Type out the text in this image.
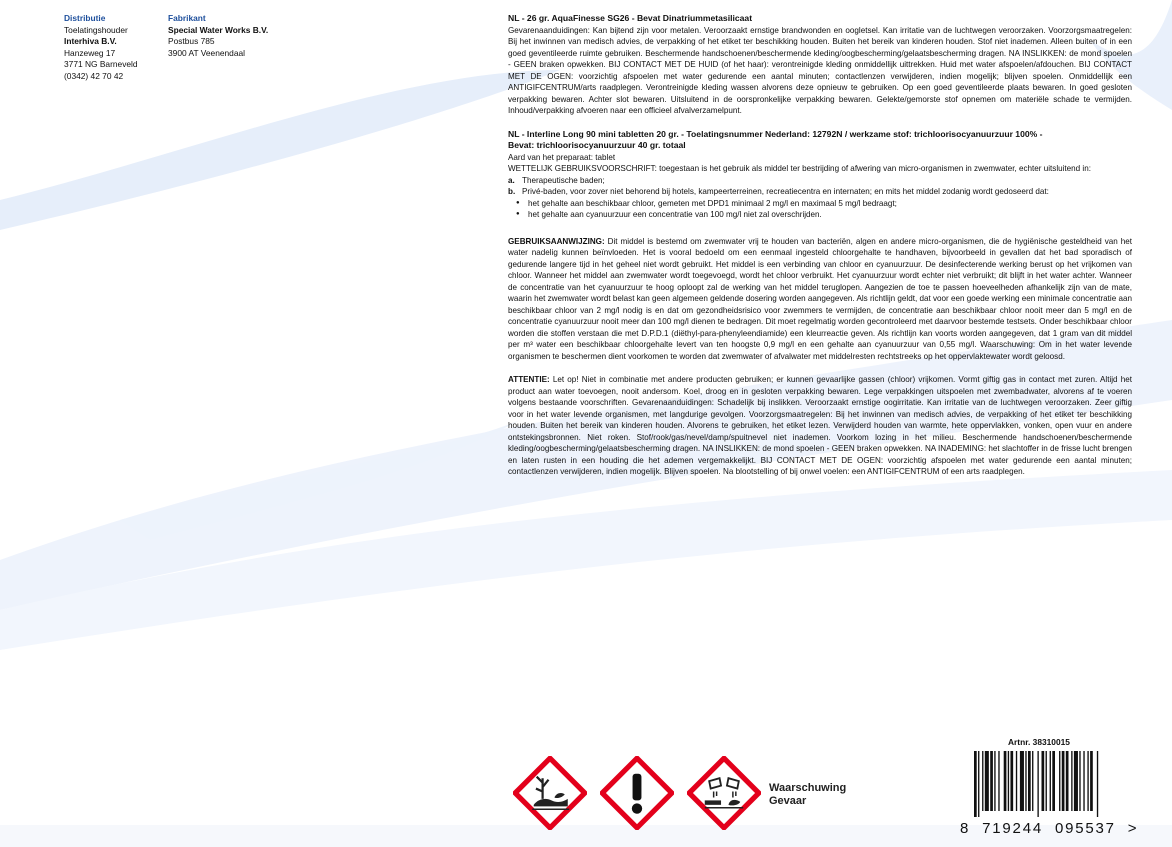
Distributie
Toelatingshouder
Interhiva B.V.
Hanzeweg 17
3771 NG Barneveld
(0342) 42 70 42
Fabrikant
Special Water Works B.V.
Postbus 785
3900 AT Veenendaal

NL - 26 gr. AquaFinesse SG26 - Bevat Dinatriummetasilicaat

Gevarenaanduidingen: Kan bijtend zijn voor metalen. Veroorzaakt ernstige brandwonden en oogletsel. Kan irritatie van de luchtwegen veroorzaken. Voorzorgsmaatregelen: Bij het inwinnen van medisch advies, de verpakking of het etiket ter beschikking houden. Buiten het bereik van kinderen houden. Stof niet inademen. Alleen buiten of in een goed geventileerde ruimte gebruiken. Beschermende handschoenen/beschermende kleding/oogbescherming/gelaatsbescherming dragen. NA INSLIKKEN: de mond spoelen - GEEN braken opwekken. BIJ CONTACT MET DE HUID (of het haar): verontreinigde kleding onmiddellijk uittrekken. Huid met water afspoelen/afdouchen. BIJ CONTACT MET DE OGEN: voorzichtig afspoelen met water gedurende een aantal minuten; contactlenzen verwijderen, indien mogelijk; blijven spoelen. Onmiddellijk een ANTIGIFCENTRUM/arts raadplegen. Verontreinigde kleding wassen alvorens deze opnieuw te gebruiken. Op een goed geventileerde plaats bewaren. In goed gesloten verpakking bewaren. Achter slot bewaren. Uitsluitend in de oorspronkelijke verpakking bewaren. Gelekte/gemorste stof opnemen om materiële schade te vermijden. Inhoud/verpakking afvoeren naar een officieel afvalverzamelpunt.

NL - Interline Long 90 mini tabletten 20 gr. - Toelatingsnummer Nederland: 12792N / werkzame stof: trichloorisocyanuurzuur 100% -

Bevat: trichloorisocyanuurzuur 40 gr. totaal

Aard van het preparaat: tablet

WETTELIJK GEBRUIKSVOORSCHRIFT: toegestaan is het gebruik als middel ter bestrijding of afwering van micro-organismen in zwemwater, echter uitsluitend in:

a. Therapeutische baden;
b. Privé-baden, voor zover niet behorend bij hotels, kampeerterreinen, recreatiecentra en internaten; en mits het middel zodanig wordt gedoseerd dat:
● het gehalte aan beschikbaar chloor, gemeten met DPD1 minimaal 2 mg/l en maximaal 5 mg/l bedraagt;
● het gehalte aan cyanuurzuur een concentratie van 100 mg/l niet zal overschrijden.

GEBRUIKSAANWIJZING: Dit middel is bestemd om zwemwater vrij te houden van bacteriën, algen en andere micro-organismen, die de hygiënische gesteldheid van het water nadelig kunnen beïnvloeden. Het is vooral bedoeld om een eenmaal ingesteld chloorgehalte te handhaven, bijvoorbeeld in gevallen dat het bad sporadisch of gedurende langere tijd in het geheel niet wordt gebruikt. Het middel is een verbinding van chloor en cyanuurzuur. De desinfecterende werking berust op het vrijkomen van chloor. Wanneer het middel aan zwemwater wordt toegevoegd, wordt het chloor verbruikt. Het cyanuurzuur wordt echter niet verbruikt; dit blijft in het water achter. Wanneer de concentratie van het cyanuurzuur te hoog oploopt zal de werking van het middel teruglopen. Aangezien de toe te passen hoeveelheden afhankelijk zijn van de mate, waarin het zwemwater wordt belast kan geen algemeen geldende dosering worden aangegeven. Als richtlijn geldt, dat voor een goede werking een minimale concentratie aan beschikbaar chloor van 2 mg/l nodig is en dat om gezondheidsrisico voor zwemmers te vermijden, de concentratie aan beschikbaar chloor nooit meer dan 5 mg/l en de concentratie cyanuurzuur nooit meer dan 100 mg/l dienen te bedragen. Dit moet regelmatig worden gecontroleerd met daarvoor bestemde testsets. Onder beschikbaar chloor worden die stoffen verstaan die met D.P.D.1 (diëthyl-para-phenyleendiamide) een kleurreactie geven. Als richtlijn kan voorts worden aangegeven, dat 1 gram van dit middel per m³ water een beschikbaar chloorgehalte levert van ten hoogste 0,9 mg/l en een gehalte aan cyanuurzuur van 0,55 mg/l. Waarschuwing: Om in het water levende organismen te beschermen dient voorkomen te worden dat zwemwater of afvalwater met middelresten rechtstreeks op het oppervlaktewater wordt geloosd.

ATTENTIE: Let op! Niet in combinatie met andere producten gebruiken; er kunnen gevaarlijke gassen (chloor) vrijkomen. Vormt giftig gas in contact met zuren. Altijd het product aan water toevoegen, nooit andersom. Koel, droog en in gesloten verpakking bewaren. Lege verpakkingen uitspoelen met zwembadwater, alvorens af te voeren volgens bestaande voorschriften. Gevarenaanduidingen: Schadelijk bij inslikken. Veroorzaakt ernstige oogirritatie. Kan irritatie van de luchtwegen veroorzaken. Zeer giftig voor in het water levende organismen, met langdurige gevolgen. Voorzorgsmaatregelen: Bij het inwinnen van medisch advies, de verpakking of het etiket ter beschikking houden. Buiten het bereik van kinderen houden. Alvorens te gebruiken, het etiket lezen. Verwijderd houden van warmte, hete oppervlakken, vonken, open vuur en andere ontstekingsbronnen. Niet roken. Stof/rook/gas/nevel/damp/spuitnevel niet inademen. Voorkom lozing in het milieu. Beschermende handschoenen/beschermende kleding/oogbescherming/gelaatsbescherming dragen. NA INSLIKKEN: de mond spoelen - GEEN braken opwekken. NA INADEMING: het slachtoffer in de frisse lucht brengen en laten rusten in een houding die het ademen vergemakkelijkt. BIJ CONTACT MET DE OGEN: voorzichtig afspoelen met water gedurende een aantal minuten; contactlenzen verwijderen, indien mogelijk. Blijven spoelen. Na blootstelling of bij onwel voelen: een ANTIGIFCENTRUM of een arts raadplegen.

Waarschuwing
Gevaar
Artnr. 38310015
8 719244 095537 >
